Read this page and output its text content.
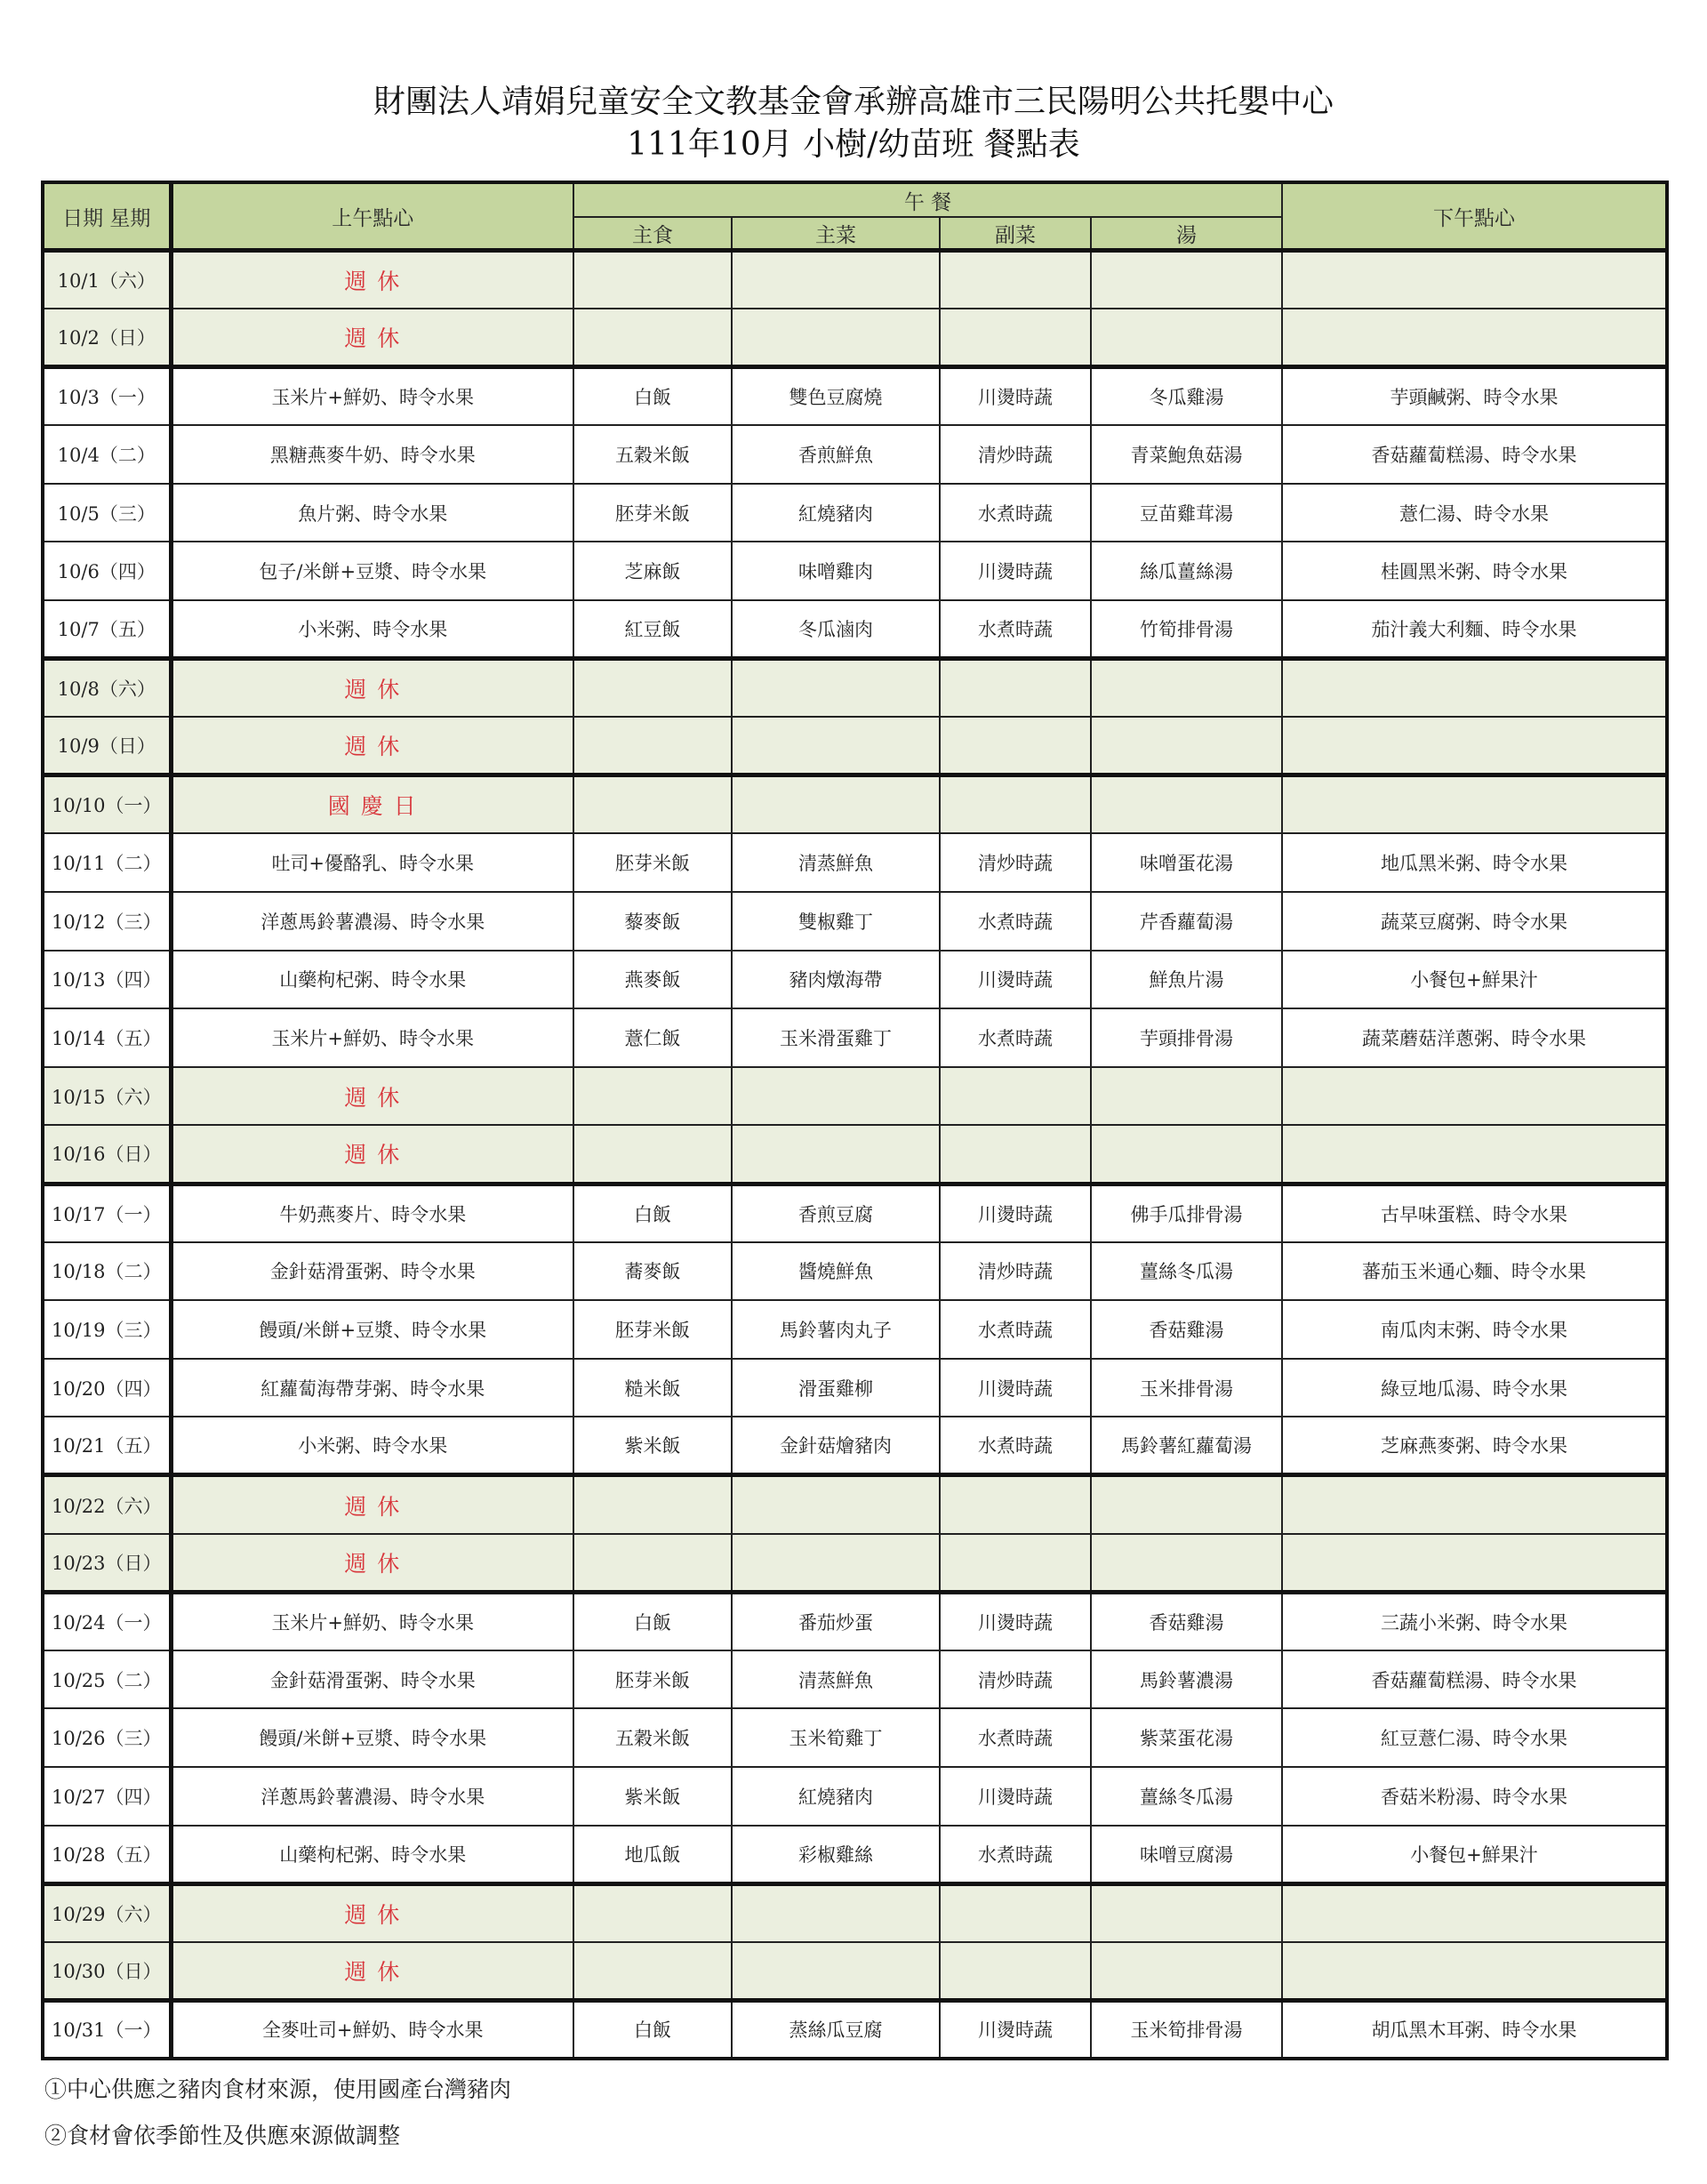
財團法人靖娟兒童安全文教基金會承辦高雄市三民陽明公共托嬰中心
111年10月 小樹/幼苗班 餐點表
日期 星期	上午點心	午 餐				下午點心
		主食	主菜	副菜	湯	
10/1（六）	週 休					
10/2（日）	週 休					
10/3（一）	玉米片+鮮奶、時令水果	白飯	雙色豆腐燒	川燙時蔬	冬瓜雞湯	芋頭鹹粥、時令水果
10/4（二）	黑糖燕麥牛奶、時令水果	五穀米飯	香煎鮮魚	清炒時蔬	青菜鮑魚菇湯	香菇蘿蔔糕湯、時令水果
10/5（三）	魚片粥、時令水果	胚芽米飯	紅燒豬肉	水煮時蔬	豆苗雞茸湯	薏仁湯、時令水果
10/6（四）	包子/米餅+豆漿、時令水果	芝麻飯	味噌雞肉	川燙時蔬	絲瓜薑絲湯	桂圓黑米粥、時令水果
10/7（五）	小米粥、時令水果	紅豆飯	冬瓜滷肉	水煮時蔬	竹筍排骨湯	茄汁義大利麵、時令水果
10/8（六）	週 休					
10/9（日）	週 休					
10/10（一）	國 慶 日					
10/11（二）	吐司+優酪乳、時令水果	胚芽米飯	清蒸鮮魚	清炒時蔬	味噌蛋花湯	地瓜黑米粥、時令水果
10/12（三）	洋蔥馬鈴薯濃湯、時令水果	藜麥飯	雙椒雞丁	水煮時蔬	芹香蘿蔔湯	蔬菜豆腐粥、時令水果
10/13（四）	山藥枸杞粥、時令水果	燕麥飯	豬肉燉海帶	川燙時蔬	鮮魚片湯	小餐包+鮮果汁
10/14（五）	玉米片+鮮奶、時令水果	薏仁飯	玉米滑蛋雞丁	水煮時蔬	芋頭排骨湯	蔬菜蘑菇洋蔥粥、時令水果
10/15（六）	週 休					
10/16（日）	週 休					
10/17（一）	牛奶燕麥片、時令水果	白飯	香煎豆腐	川燙時蔬	佛手瓜排骨湯	古早味蛋糕、時令水果
10/18（二）	金針菇滑蛋粥、時令水果	蕎麥飯	醬燒鮮魚	清炒時蔬	薑絲冬瓜湯	蕃茄玉米通心麵、時令水果
10/19（三）	饅頭/米餅+豆漿、時令水果	胚芽米飯	馬鈴薯肉丸子	水煮時蔬	香菇雞湯	南瓜肉末粥、時令水果
10/20（四）	紅蘿蔔海帶芽粥、時令水果	糙米飯	滑蛋雞柳	川燙時蔬	玉米排骨湯	綠豆地瓜湯、時令水果
10/21（五）	小米粥、時令水果	紫米飯	金針菇燴豬肉	水煮時蔬	馬鈴薯紅蘿蔔湯	芝麻燕麥粥、時令水果
10/22（六）	週 休					
10/23（日）	週 休					
10/24（一）	玉米片+鮮奶、時令水果	白飯	番茄炒蛋	川燙時蔬	香菇雞湯	三蔬小米粥、時令水果
10/25（二）	金針菇滑蛋粥、時令水果	胚芽米飯	清蒸鮮魚	清炒時蔬	馬鈴薯濃湯	香菇蘿蔔糕湯、時令水果
10/26（三）	饅頭/米餅+豆漿、時令水果	五穀米飯	玉米筍雞丁	水煮時蔬	紫菜蛋花湯	紅豆薏仁湯、時令水果
10/27（四）	洋蔥馬鈴薯濃湯、時令水果	紫米飯	紅燒豬肉	川燙時蔬	薑絲冬瓜湯	香菇米粉湯、時令水果
10/28（五）	山藥枸杞粥、時令水果	地瓜飯	彩椒雞絲	水煮時蔬	味噌豆腐湯	小餐包+鮮果汁
10/29（六）	週 休					
10/30（日）	週 休					
10/31（一）	全麥吐司+鮮奶、時令水果	白飯	蒸絲瓜豆腐	川燙時蔬	玉米筍排骨湯	胡瓜黑木耳粥、時令水果
①中心供應之豬肉食材來源，使用國產台灣豬肉
②食材會依季節性及供應來源做調整
